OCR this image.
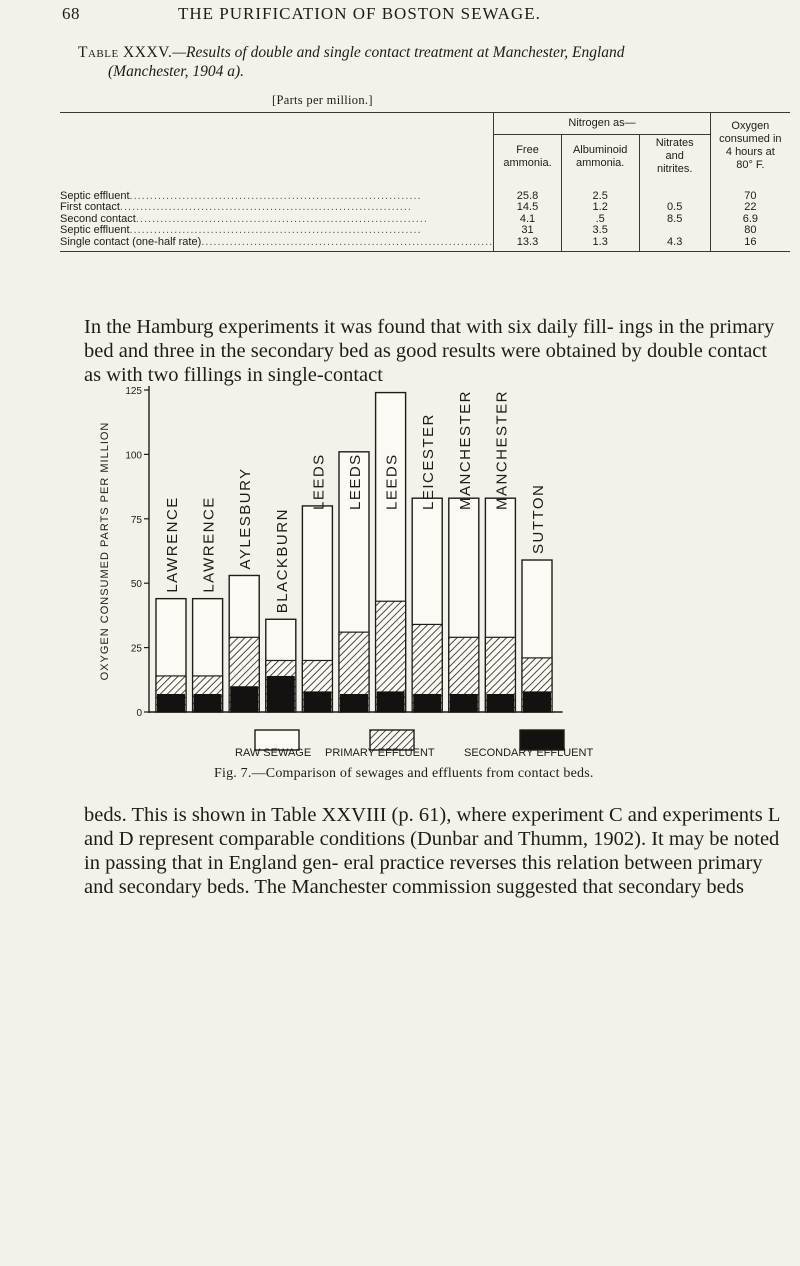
68	THE PURIFICATION OF BOSTON SEWAGE.
Table XXXV.—Results of double and single contact treatment at Manchester, England
(Manchester, 1904 a).
[Parts per million.]
	Nitrogen as—			Oxygen consumed in 4 hours at 80° F.
	Free ammonia.	Albuminoid ammonia.	Nitrates and nitrites.	
Septic effluent........................................................................	25.8	2.5		70
First contact........................................................................	14.5	1.2	0.5	22
Second contact........................................................................	4.1	.5	8.5	6.9
Septic effluent........................................................................	31	3.5		80
Single contact (one-half rate)........................................................................	13.3	1.3	4.3	16
In the Hamburg experiments it was found that with six daily fill- ings in the primary bed and three in the secondary bed as good results were obtained by double contact as with two fillings in single-contact
0
25
50
75
100
125
OXYGEN CONSUMED PARTS PER MILLION	LAWRENCE LAWRENCE AYLESBURY BLACKBURN
LEEDS LEEDS LEEDS LEICESTER MANCHESTER MANCHESTER
SUTTON
RAW SEWAGE PRIMARY EFFLUENT	SECONDARY EFFLUENT
Fig. 7.—Comparison of sewages and effluents from contact beds.
beds. This is shown in Table XXVIII (p. 61), where experiment C and experiments L and D represent comparable conditions (Dunbar and Thumm, 1902). It may be noted in passing that in England gen- eral practice reverses this relation between primary and secondary beds. The Manchester commission suggested that secondary beds
